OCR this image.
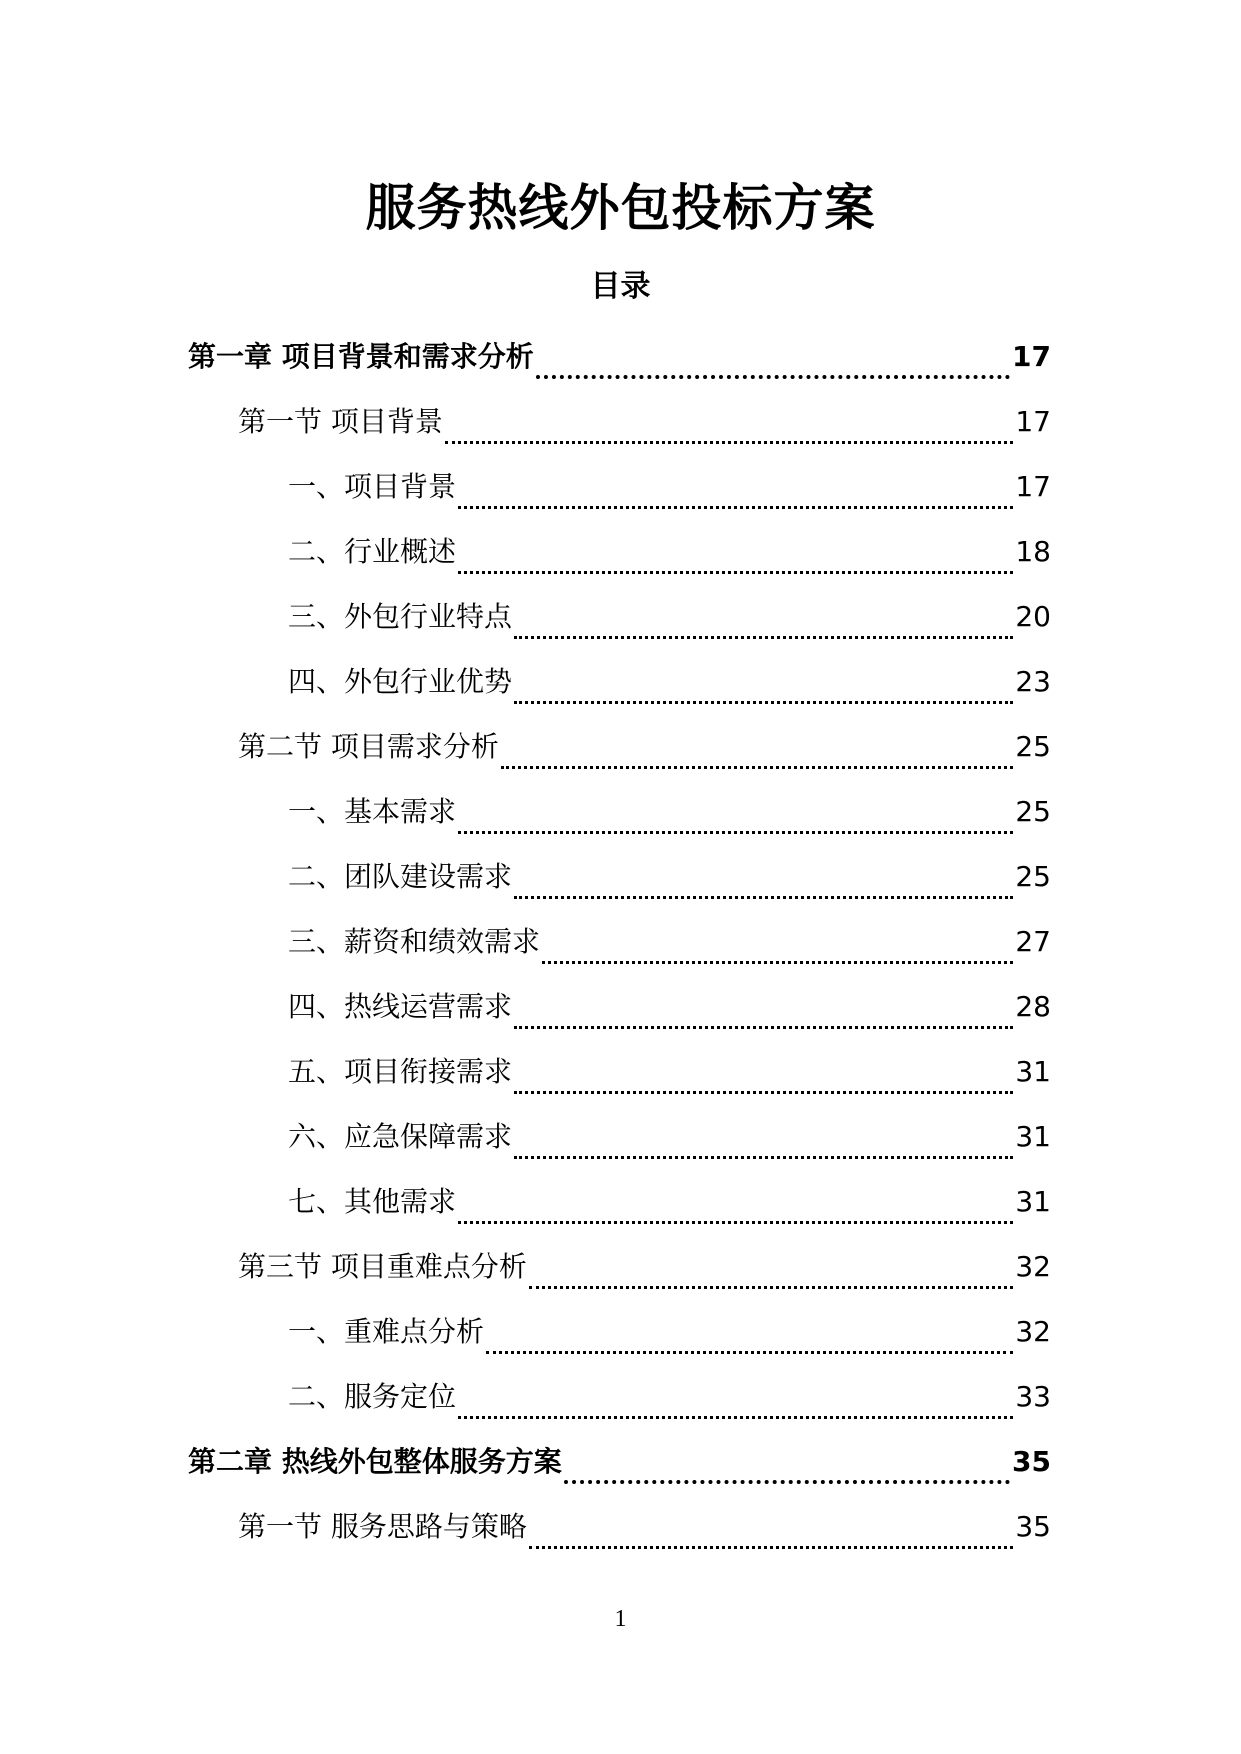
服务热线外包投标方案
目录
第一章 项目背景和需求分析	17
第一节 项目背景	17
一、项目背景	17
二、行业概述	18
三、外包行业特点	20
四、外包行业优势	23
第二节 项目需求分析	25
一、基本需求	25
二、团队建设需求	25
三、薪资和绩效需求	27
四、热线运营需求	28
五、项目衔接需求	31
六、应急保障需求	31
七、其他需求	31
第三节 项目重难点分析	32
一、重难点分析	32
二、服务定位	33
第二章 热线外包整体服务方案	35
第一节 服务思路与策略	35
1
